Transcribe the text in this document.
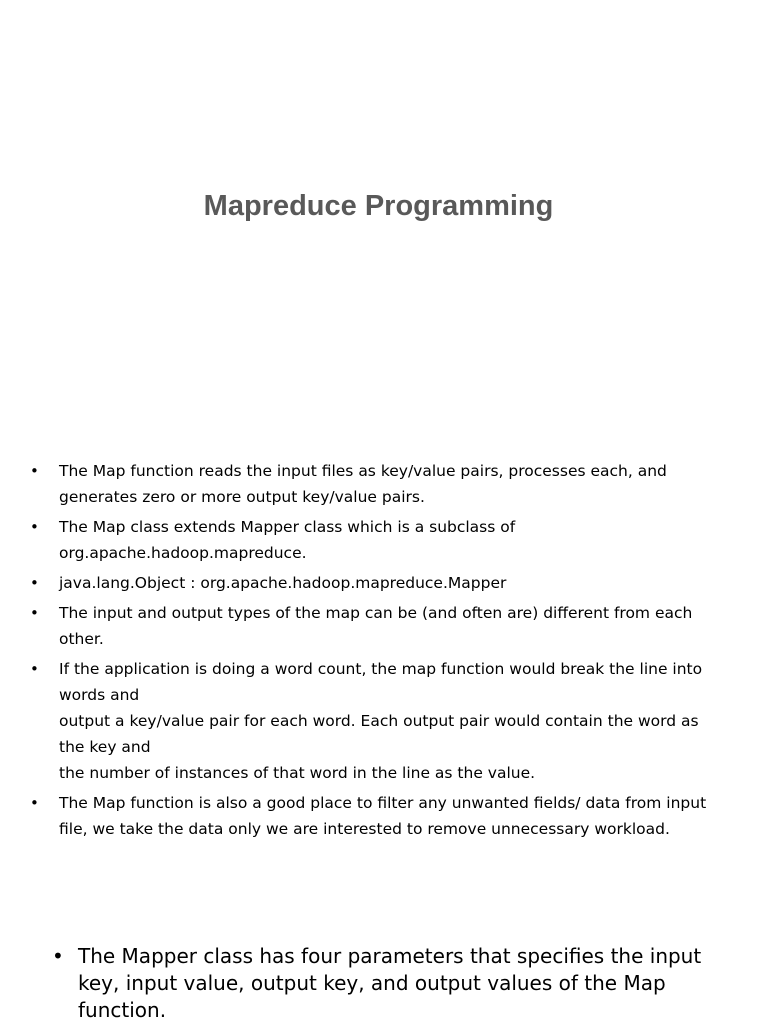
Mapreduce Programming
• The Map function reads the input files as key/value pairs, processes each, and generates zero or more output key/value pairs.
• The Map class extends Mapper class which is a subclass of org.apache.hadoop.mapreduce.
• java.lang.Object : org.apache.hadoop.mapreduce.Mapper
• The input and output types of the map can be (and often are) different from each other.
• If the application is doing a word count, the map function would break the line into words and
output a key/value pair for each word. Each output pair would contain the word as the key and
the number of instances of that word in the line as the value.
• The Map function is also a good place to filter any unwanted fields/ data from input file, we take the data only we are interested to remove unnecessary workload.
• The Mapper class has four parameters that specifies the input key, input value, output key, and output values of the Map function.
